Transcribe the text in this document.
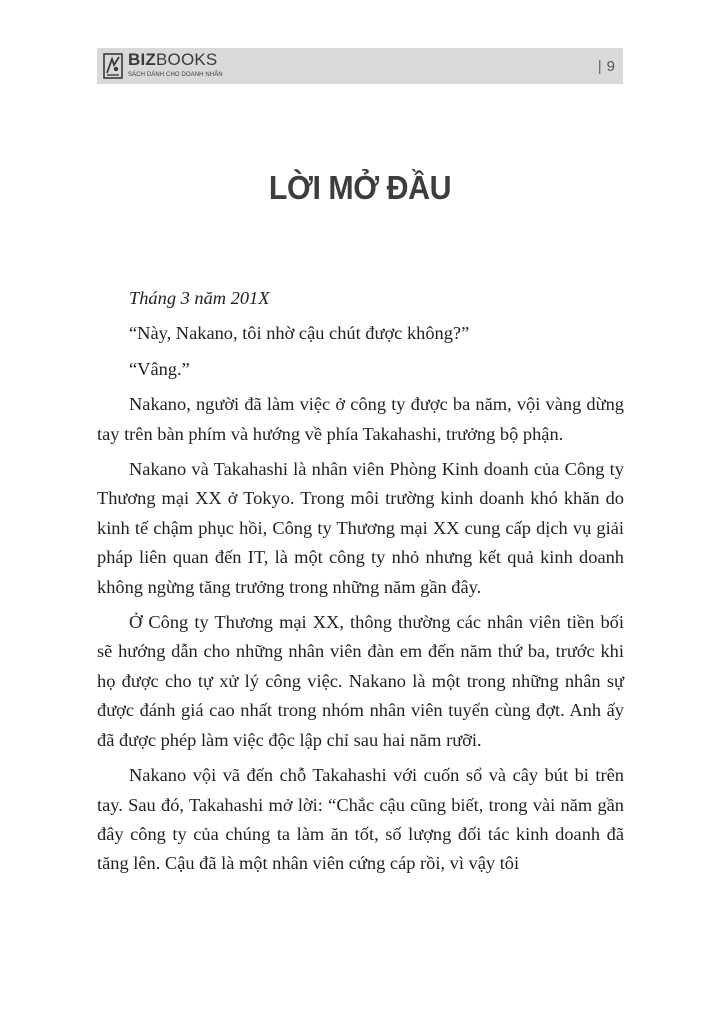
BIZBOOKS
SÁCH DÀNH CHO DOANH NHÂN	| 9
LỜI MỞ ĐẦU

Tháng 3 năm 201X

“Này, Nakano, tôi nhờ cậu chút được không?”

“Vâng.”

Nakano, người đã làm việc ở công ty được ba năm, vội vàng dừng tay trên bàn phím và hướng về phía Takahashi, trưởng bộ phận.

Nakano và Takahashi là nhân viên Phòng Kinh doanh của Công ty Thương mại XX ở Tokyo. Trong môi trường kinh doanh khó khăn do kinh tế chậm phục hồi, Công ty Thương mại XX cung cấp dịch vụ giải pháp liên quan đến IT, là một công ty nhỏ nhưng kết quả kinh doanh không ngừng tăng trưởng trong những năm gần đây.

Ở Công ty Thương mại XX, thông thường các nhân viên tiền bối sẽ hướng dẫn cho những nhân viên đàn em đến năm thứ ba, trước khi họ được cho tự xử lý công việc. Nakano là một trong những nhân sự được đánh giá cao nhất trong nhóm nhân viên tuyển cùng đợt. Anh ấy đã được phép làm việc độc lập chỉ sau hai năm rưỡi.

Nakano vội vã đến chỗ Takahashi với cuốn sổ và cây bút bi trên tay. Sau đó, Takahashi mở lời: “Chắc cậu cũng biết, trong vài năm gần đây công ty của chúng ta làm ăn tốt, số lượng đối tác kinh doanh đã tăng lên. Cậu đã là một nhân viên cứng cáp rồi, vì vậy tôi
